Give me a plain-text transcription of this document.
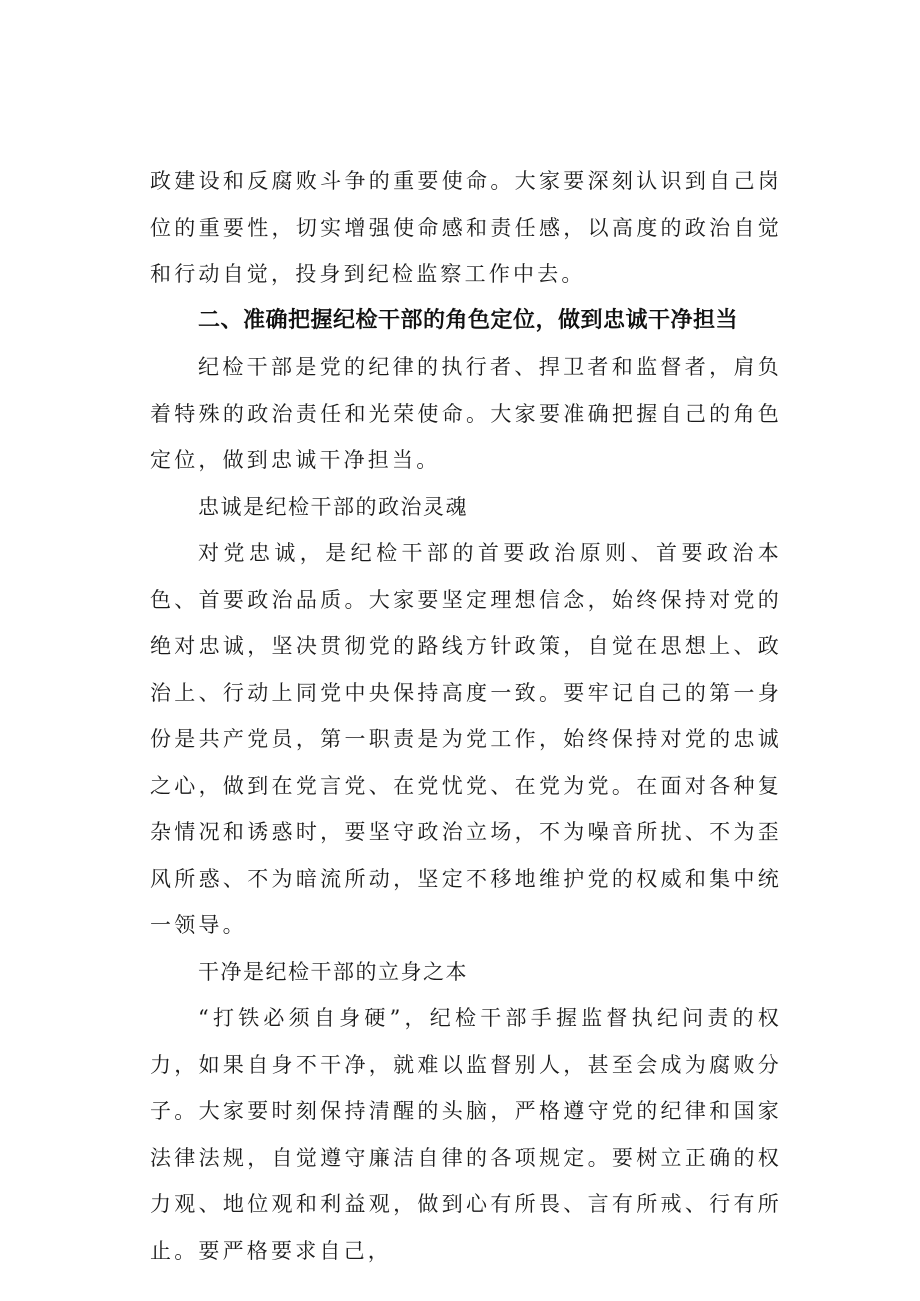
政建设和反腐败斗争的重要使命。大家要深刻认识到自己岗位的重要性，切实增强使命感和责任感，以高度的政治自觉和行动自觉，投身到纪检监察工作中去。

二、准确把握纪检干部的角色定位，做到忠诚干净担当

纪检干部是党的纪律的执行者、捍卫者和监督者，肩负着特殊的政治责任和光荣使命。大家要准确把握自己的角色定位，做到忠诚干净担当。

忠诚是纪检干部的政治灵魂

对党忠诚，是纪检干部的首要政治原则、首要政治本色、首要政治品质。大家要坚定理想信念，始终保持对党的绝对忠诚，坚决贯彻党的路线方针政策，自觉在思想上、政治上、行动上同党中央保持高度一致。要牢记自己的第一身份是共产党员，第一职责是为党工作，始终保持对党的忠诚之心，做到在党言党、在党忧党、在党为党。在面对各种复杂情况和诱惑时，要坚守政治立场，不为噪音所扰、不为歪风所惑、不为暗流所动，坚定不移地维护党的权威和集中统一领导。

干净是纪检干部的立身之本

“打铁必须自身硬”，纪检干部手握监督执纪问责的权力，如果自身不干净，就难以监督别人，甚至会成为腐败分子。大家要时刻保持清醒的头脑，严格遵守党的纪律和国家法律法规，自觉遵守廉洁自律的各项规定。要树立正确的权力观、地位观和利益观，做到心有所畏、言有所戒、行有所止。要严格要求自己，
